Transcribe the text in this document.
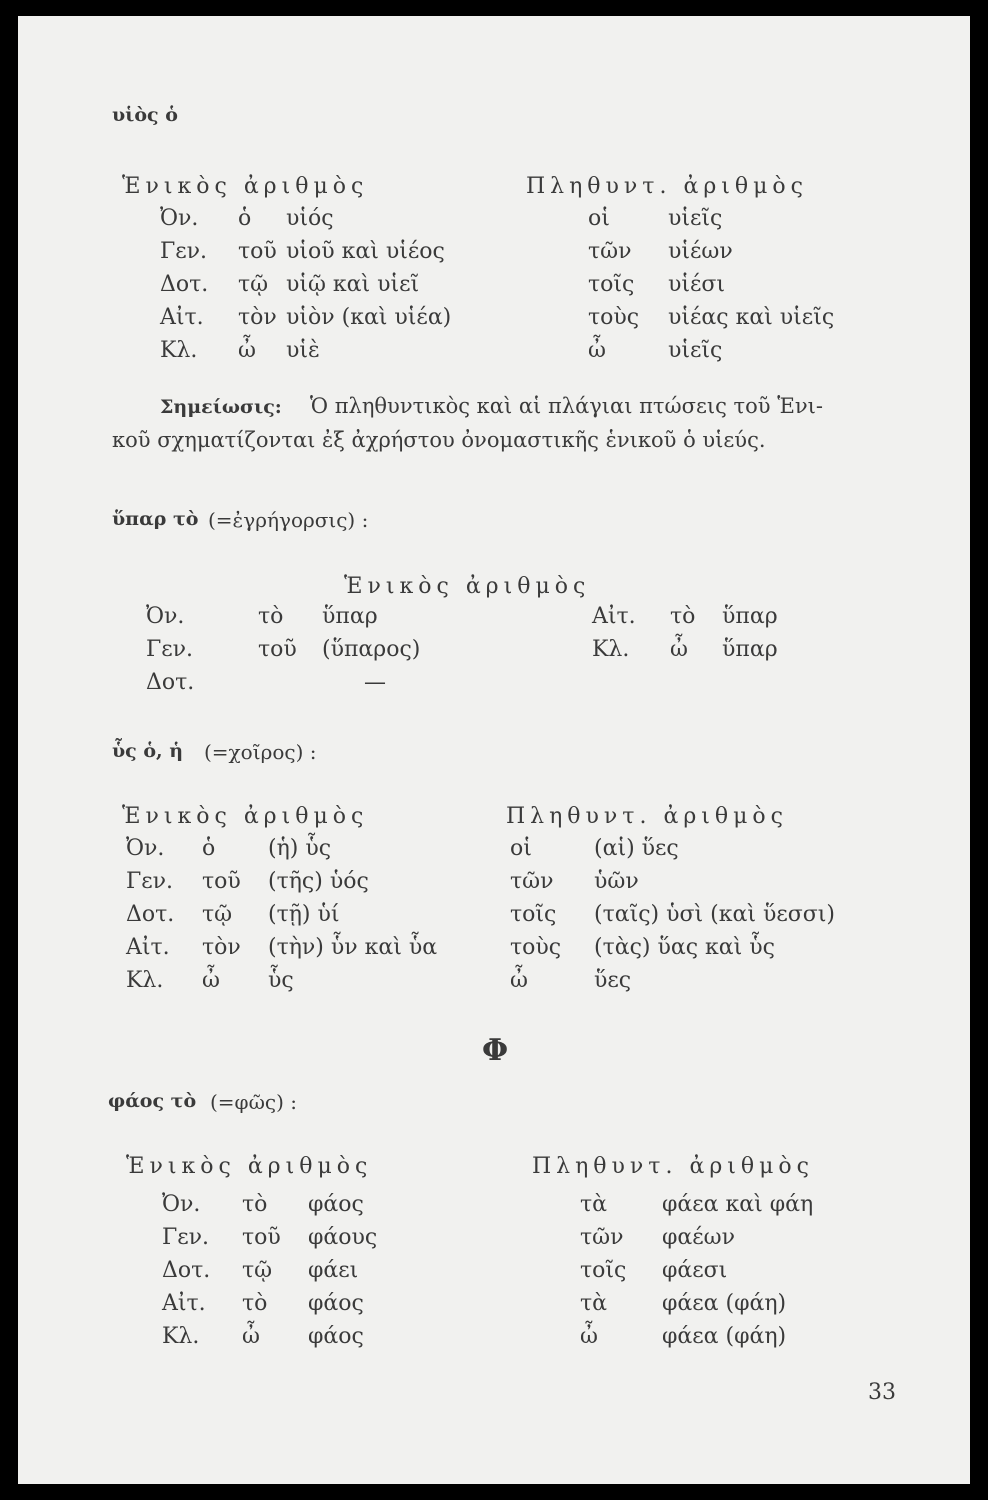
υἱὸς ὁ
Ἑνικὸς ἀριθμὸς	Πληθυντ. ἀριθμὸς
Ὀν. ὁ υἱός	οἱ	υἱεῖς
Γεν. τοῦ υἱοῦ καὶ υἱέος	τῶν υἱέων
Δοτ. τῷ υἱῷ καὶ υἱεῖ	τοῖς υἱέσι
Αἰτ. τὸν υἱὸν (καὶ υἱέα)	τοὺς υἱέας καὶ υἱεῖς
Κλ. ὦ υἱὲ	ὦ	υἱεῖς
Σημείωσις: Ὁ πληθυντικὸς καὶ αἱ πλάγιαι πτώσεις τοῦ Ἑνι-
κοῦ σχηματίζονται ἐξ ἀχρήστου ὀνομαστικῆς ἑνικοῦ ὁ υἱεύς.
ὕπαρ τὸ (=ἐγρήγορσις) :
Ἑνικὸς ἀριθμὸς
Ὀν.	τὸ ὕπαρ	Αἰτ. τὸ ὕπαρ
Γεν.	τοῦ (ὕπαρος)	Κλ. ὦ ὕπαρ
Δοτ.	—
ὗς ὁ, ἡ (=χοῖρος) :
Ἑνικὸς ἀριθμὸς	Πληθυντ. ἀριθμὸς
Ὀν. ὁ (ἡ) ὗς	οἱ	(αἱ) ὕες
Γεν. τοῦ (τῆς) ὑός	τῶν ὑῶν
Δοτ. τῷ (τῇ) ὑί	τοῖς (ταῖς) ὑσὶ (καὶ ὕεσσι)
Αἰτ. τὸν (τὴν) ὗν καὶ ὗα	τοὺς (τὰς) ὕας καὶ ὗς
Κλ. ὦ ὗς	ὦ	ὕες
Φ
φάος τὸ (=φῶς) :
Ἑνικὸς ἀριθμὸς	Πληθυντ. ἀριθμὸς
Ὀν. τὸ φάος	τὰ φάεα καὶ φάη
Γεν. τοῦ φάους	τῶν φαέων
Δοτ. τῷ φάει	τοῖς φάεσι
Αἰτ. τὸ φάος	τὰ φάεα (φάη)
Κλ. ὦ φάος	ὦ	φάεα (φάη)
33
